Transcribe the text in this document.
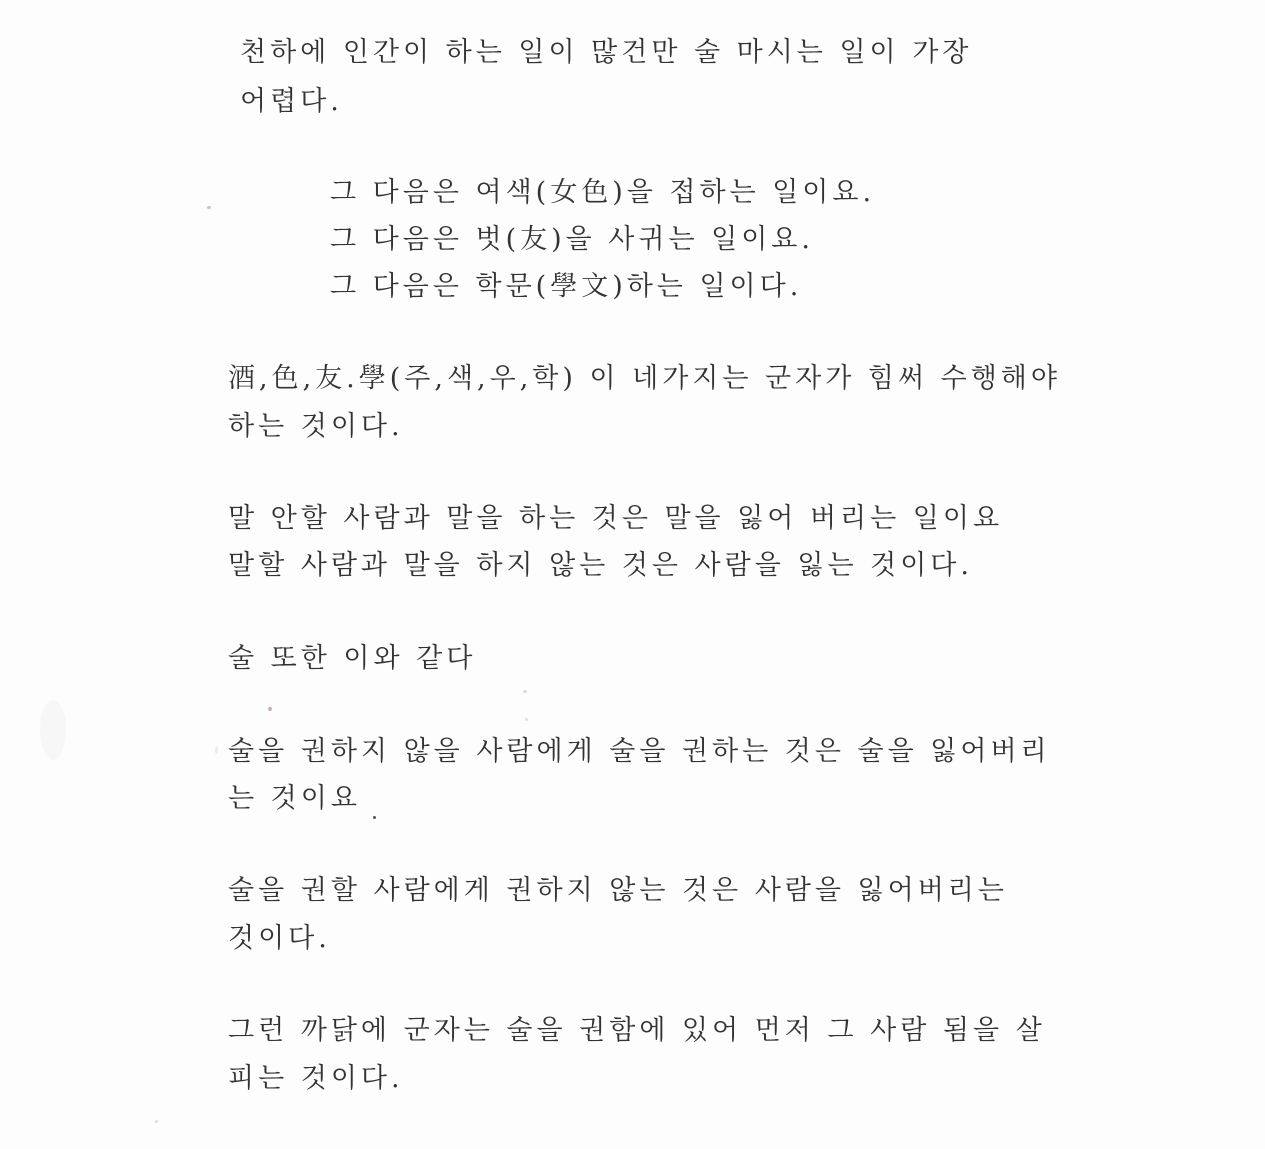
천하에 인간이 하는 일이 많건만 술 마시는 일이 가장
어렵다.
그 다음은 여색(女色)을 접하는 일이요.
그 다음은 벗(友)을 사귀는 일이요.
그 다음은 학문(學文)하는 일이다.
酒,色,友.學(주,색,우,학) 이 네가지는 군자가 힘써 수행해야
하는 것이다.
말 안할 사람과 말을 하는 것은 말을 잃어 버리는 일이요
말할 사람과 말을 하지 않는 것은 사람을 잃는 것이다.
술 또한 이와 같다
술을 권하지 않을 사람에게 술을 권하는 것은 술을 잃어버리
는 것이요
술을 권할 사람에게 권하지 않는 것은 사람을 잃어버리는
것이다.
그런 까닭에 군자는 술을 권함에 있어 먼저 그 사람 됨을 살
피는 것이다.
